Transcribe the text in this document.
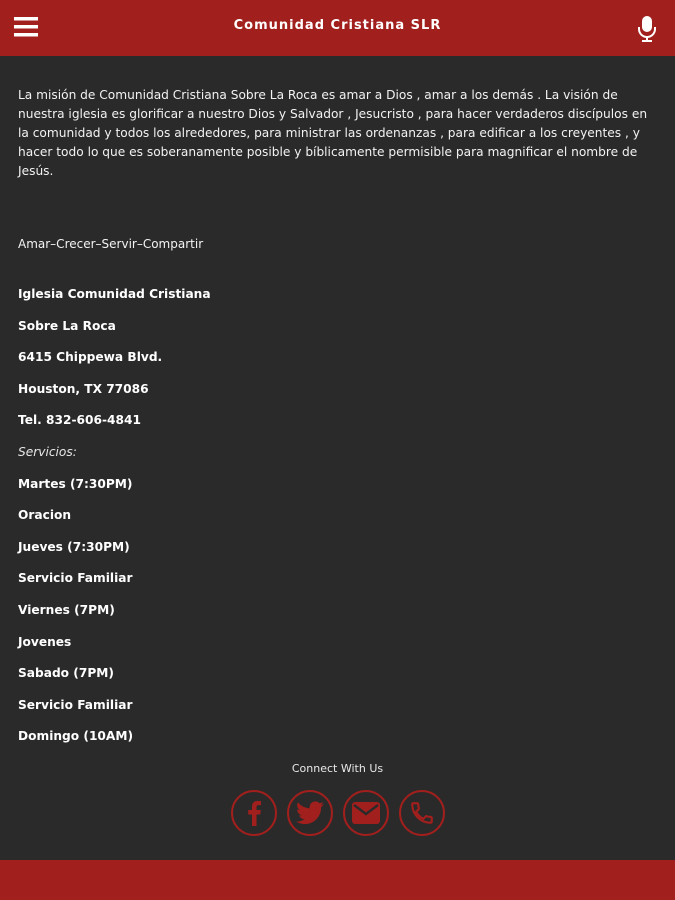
Comunidad Cristiana SLR

La misión de Comunidad Cristiana Sobre La Roca es amar a Dios , amar a los demás . La visión de nuestra iglesia es glorificar a nuestro Dios y Salvador , Jesucristo , para hacer verdaderos discípulos en la comunidad y todos los alrededores, para ministrar las ordenanzas , para edificar a los creyentes , y hacer todo lo que es soberanamente posible y bíblicamente permisible para magnificar el nombre de Jesús.

Amar–Crecer–Servir–Compartir
Iglesia Comunidad Cristiana
Sobre La Roca
6415 Chippewa Blvd.
Houston, TX 77086
Tel. 832-606-4841
Servicios:
Martes (7:30PM)
Oracion
Jueves (7:30PM)
Servicio Familiar
Viernes (7PM)
Jovenes
Sabado (7PM)
Servicio Familiar
Domingo (10AM)
Connect With Us
